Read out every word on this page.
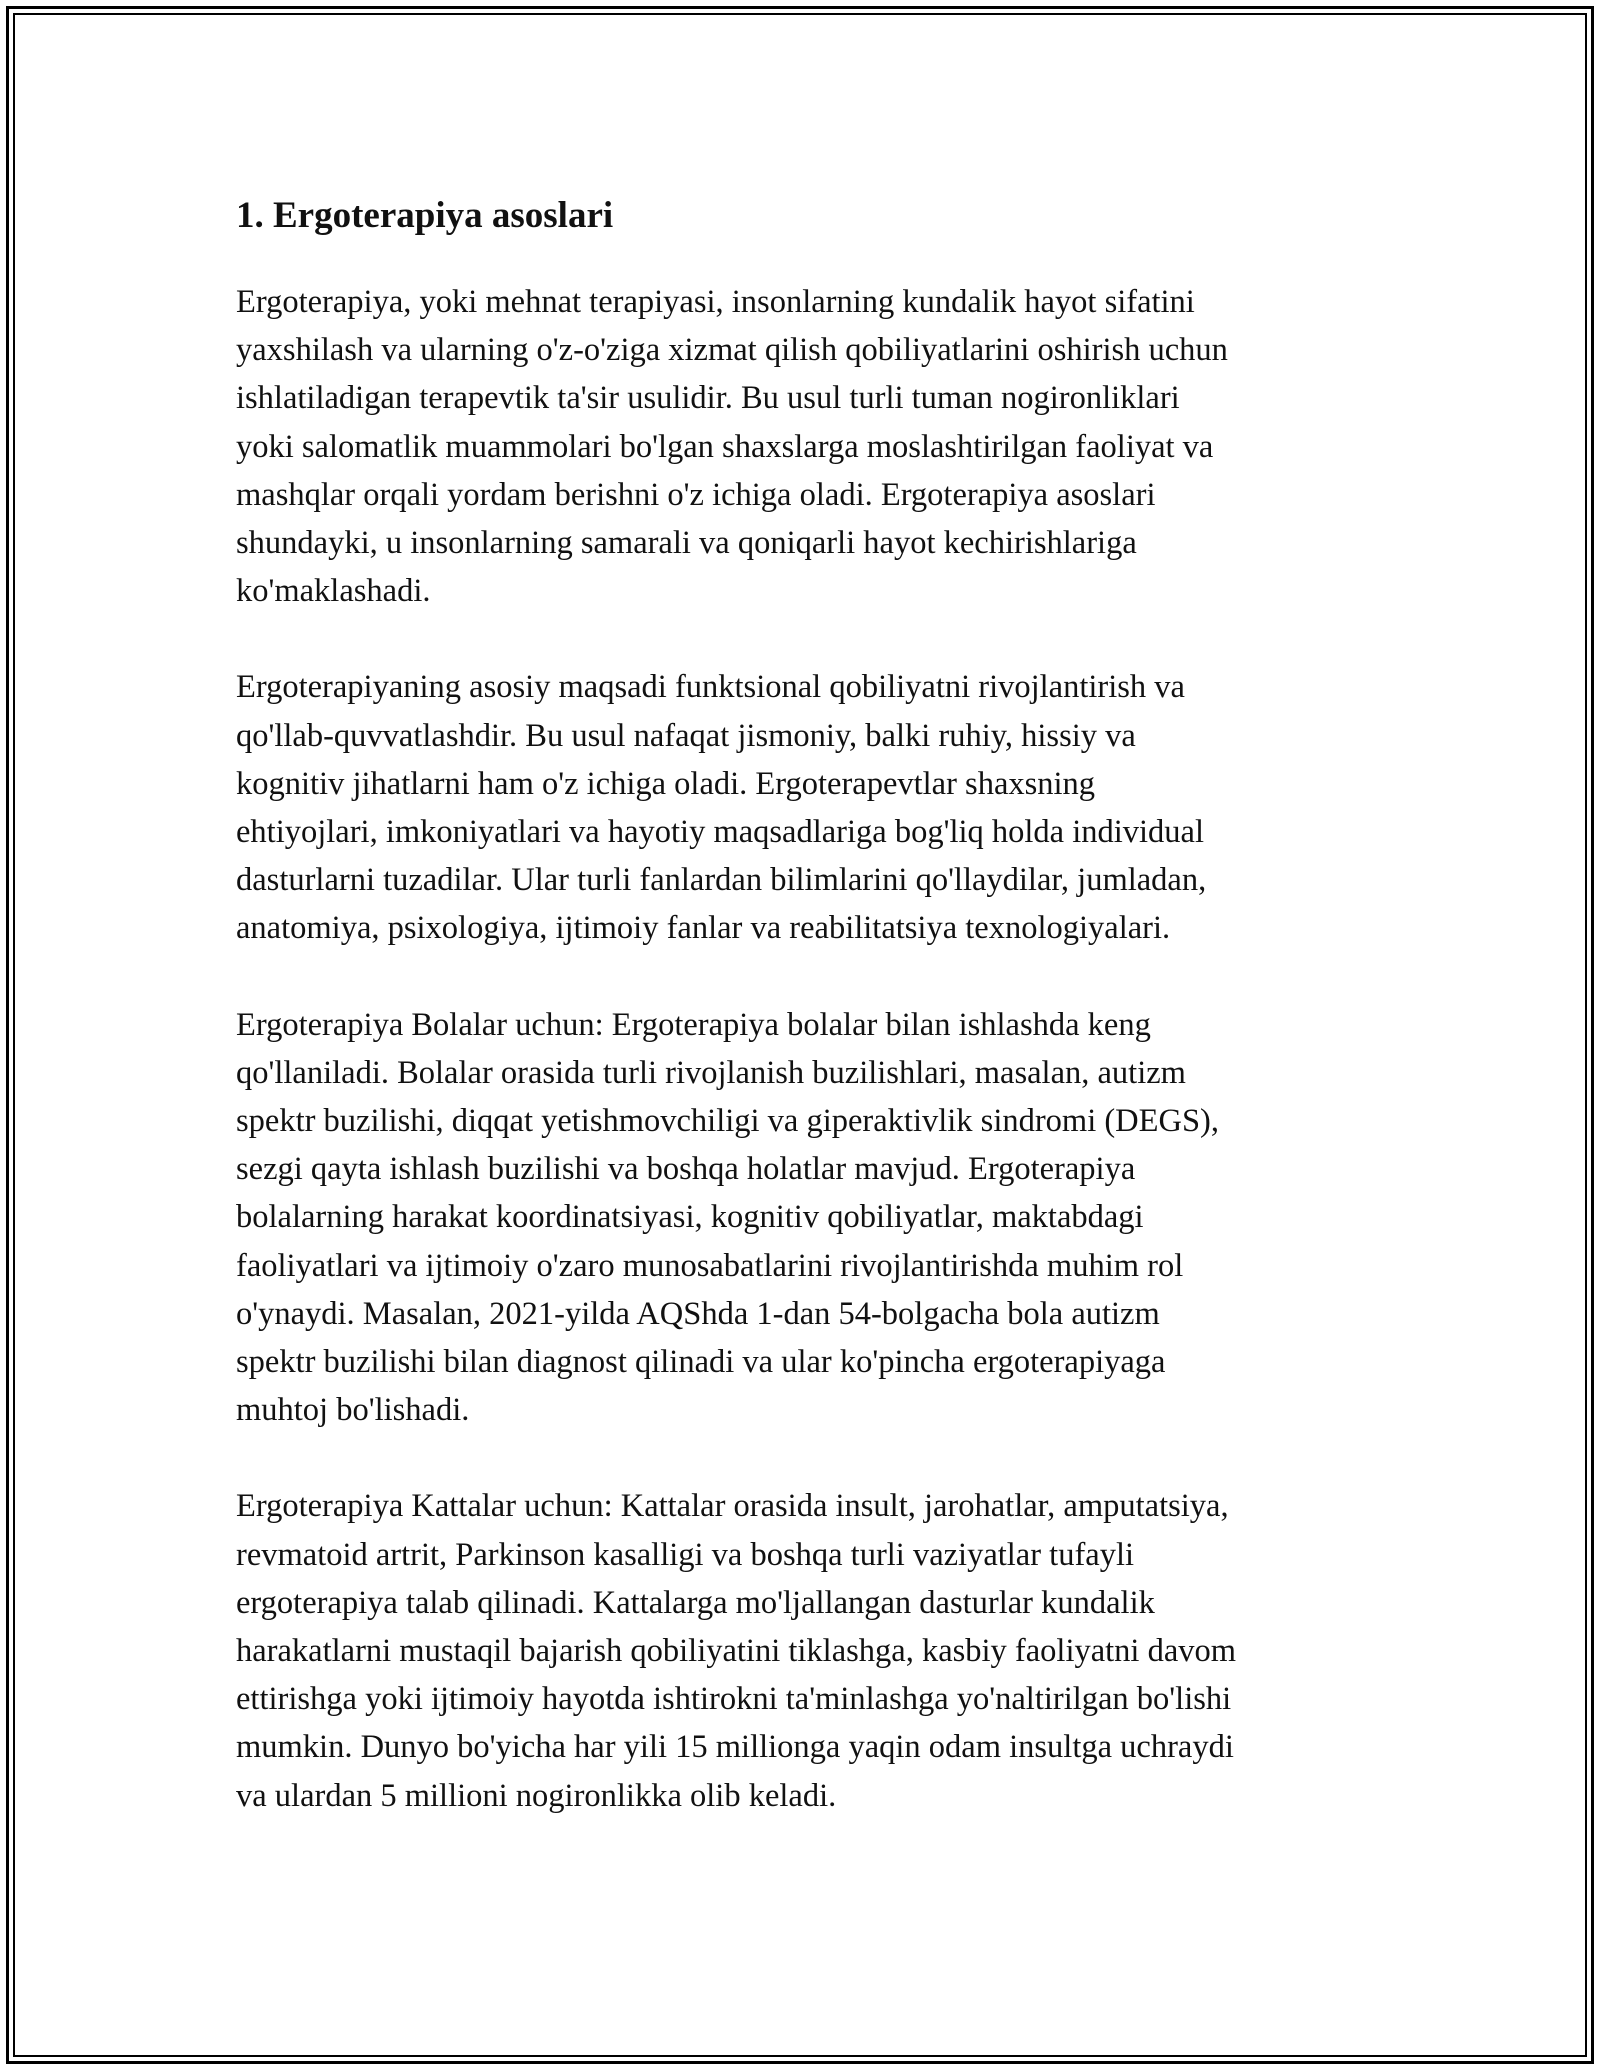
1. Ergoterapiya asoslari

Ergoterapiya, yoki mehnat terapiyasi, insonlarning kundalik hayot sifatini
yaxshilash va ularning o'z-o'ziga xizmat qilish qobiliyatlarini oshirish uchun
ishlatiladigan terapevtik ta'sir usulidir. Bu usul turli tuman nogironliklari
yoki salomatlik muammolari bo'lgan shaxslarga moslashtirilgan faoliyat va
mashqlar orqali yordam berishni o'z ichiga oladi. Ergoterapiya asoslari
shundayki, u insonlarning samarali va qoniqarli hayot kechirishlariga
ko'maklashadi.

Ergoterapiyaning asosiy maqsadi funktsional qobiliyatni rivojlantirish va
qo'llab-quvvatlashdir. Bu usul nafaqat jismoniy, balki ruhiy, hissiy va
kognitiv jihatlarni ham o'z ichiga oladi. Ergoterapevtlar shaxsning
ehtiyojlari, imkoniyatlari va hayotiy maqsadlariga bog'liq holda individual
dasturlarni tuzadilar. Ular turli fanlardan bilimlarini qo'llaydilar, jumladan,
anatomiya, psixologiya, ijtimoiy fanlar va reabilitatsiya texnologiyalari.

Ergoterapiya Bolalar uchun: Ergoterapiya bolalar bilan ishlashda keng
qo'llaniladi. Bolalar orasida turli rivojlanish buzilishlari, masalan, autizm
spektr buzilishi, diqqat yetishmovchiligi va giperaktivlik sindromi (DEGS),
sezgi qayta ishlash buzilishi va boshqa holatlar mavjud. Ergoterapiya
bolalarning harakat koordinatsiyasi, kognitiv qobiliyatlar, maktabdagi
faoliyatlari va ijtimoiy o'zaro munosabatlarini rivojlantirishda muhim rol
o'ynaydi. Masalan, 2021-yilda AQShda 1-dan 54-bolgacha bola autizm
spektr buzilishi bilan diagnost qilinadi va ular ko'pincha ergoterapiyaga
muhtoj bo'lishadi.

Ergoterapiya Kattalar uchun: Kattalar orasida insult, jarohatlar, amputatsiya,
revmatoid artrit, Parkinson kasalligi va boshqa turli vaziyatlar tufayli
ergoterapiya talab qilinadi. Kattalarga mo'ljallangan dasturlar kundalik
harakatlarni mustaqil bajarish qobiliyatini tiklashga, kasbiy faoliyatni davom
ettirishga yoki ijtimoiy hayotda ishtirokni ta'minlashga yo'naltirilgan bo'lishi
mumkin. Dunyo bo'yicha har yili 15 millionga yaqin odam insultga uchraydi
va ulardan 5 millioni nogironlikka olib keladi.
